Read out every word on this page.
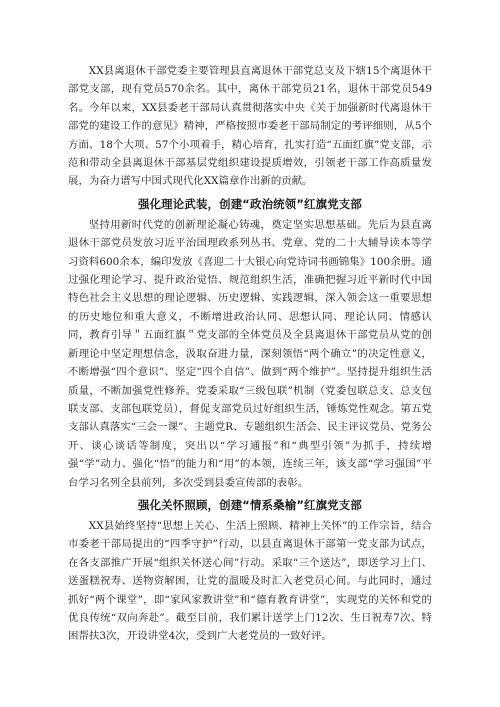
XX县离退休干部党委主要管理县直离退休干部党总支及下辖15个离退休干部党支部，现有党员570余名。其中，离休干部党员21名，退休干部党员549名。今年以来，XX县委老干部局认真贯彻落实中央《关于加强新时代离退休干部党的建设工作的意见》精神，严格按照市委老干部局制定的考评细则，从5个方面、18个大项、57个小项着手，精心培育，扎实打造“五面红旗”党支部，示范和带动全县离退休干部基层党组织建设提质增效，引领老干部工作高质量发展，为奋力谱写中国式现代化XX篇章作出新的贡献。

强化理论武装，创建“政治统领”红旗党支部

坚持用新时代党的创新理论凝心铸魂，奠定坚实思想基础。先后为县直离退休干部党员发放习近平治国理政系列丛书、党章、党的二十大辅导读本等学习资料600余本，编印发放《喜迎二十大银心向党诗词书画锦集》100余册。通过强化理论学习、提升政治觉悟、规范组织生活，准确把握习近平新时代中国特色社会主义思想的理论逻辑、历史逻辑、实践逻辑，深入领会这一重要思想的历史地位和重大意义，不断增进政治认同、思想认同、理论认同、情感认同，教育引导＂五面红旗＂党支部的全体党员及全县离退休干部党员从党的创新理论中坚定理想信念，汲取奋进力量，深刻领悟“两个确立”的决定性意义，不断增强“四个意识”、坚定“四个自信”、做到“两个维护”。坚持提升组织生活质量，不断加强党性修养。党委采取“三级包联”机制（党委包联总支、总支包联支部、支部包联党员），督促支部党员过好组织生活，锤炼党性观念。第五党支部认真落实“三会一课”、主题党R、专题组织生活会、民主评议党员、党务公开、谈心谈话等制度，突出以“学习通报”和“典型引领”为抓手，持续增强“学”动力、强化“悟”的能力和“用”的本领，连续三年，该支部“学习强国”平台学习名列全县前列，多次受到县委宣传部的表彰。

强化关怀照顾，创建“情系桑榆”红旗党支部

XX县始终坚持“思想上关心、生活上照顾、精神上关怀”的工作宗旨，结合市委老干部局提出的“四季守护”行动，以县直离退休干部第一党支部为试点，在各支部推广开展“组织关怀送心间”行动。采取“三个送达”，即送学习上门、送蛋糕祝寿、送物资解困，让党的温暖及时汇入老党员心间。与此同时，通过抓好“两个课堂”，即“家风家教讲堂”和“德育教育讲堂”，实现党的关怀和党的优良传统“双向奔赴”。截至目前，我们累计送学上门12次、生日祝寿7次、特困帮扶3次，开设讲堂4次，受到广大老党员的一致好评。
